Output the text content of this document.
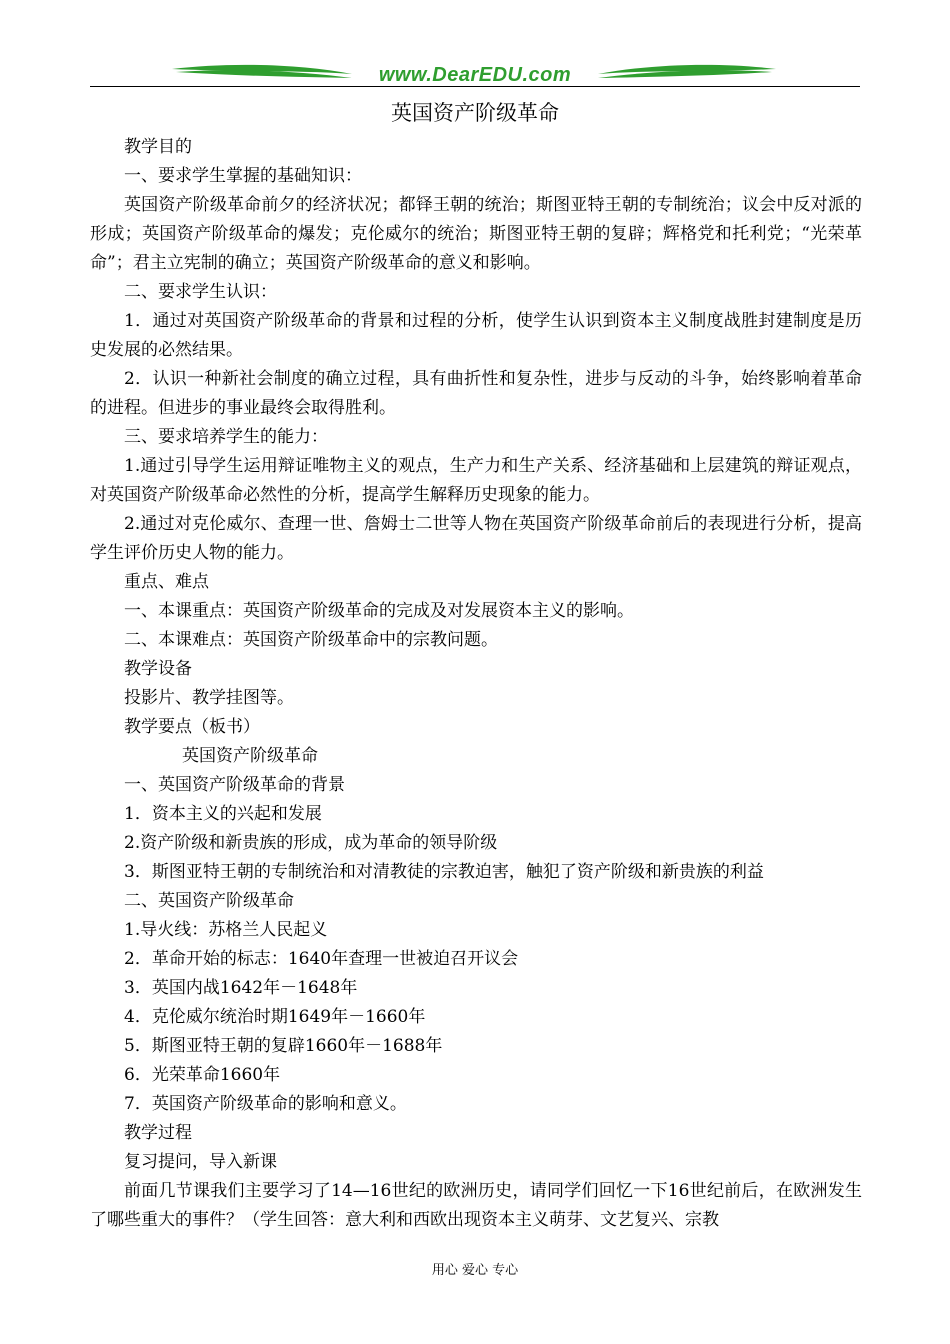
www.DearEDU.com
英国资产阶级革命

教学目的

一、要求学生掌握的基础知识：

英国资产阶级革命前夕的经济状况；都铎王朝的统治；斯图亚特王朝的专制统治；议会中反对派的形成；英国资产阶级革命的爆发；克伦威尔的统治；斯图亚特王朝的复辟；辉格党和托利党；“光荣革命”；君主立宪制的确立；英国资产阶级革命的意义和影响。

二、要求学生认识：

1．通过对英国资产阶级革命的背景和过程的分析，使学生认识到资本主义制度战胜封建制度是历史发展的必然结果。

2．认识一种新社会制度的确立过程，具有曲折性和复杂性，进步与反动的斗争，始终影响着革命的进程。但进步的事业最终会取得胜利。

三、要求培养学生的能力：

1.通过引导学生运用辩证唯物主义的观点，生产力和生产关系、经济基础和上层建筑的辩证观点，对英国资产阶级革命必然性的分析，提高学生解释历史现象的能力。

2.通过对克伦威尔、查理一世、詹姆士二世等人物在英国资产阶级革命前后的表现进行分析，提高学生评价历史人物的能力。

重点、难点

一、本课重点：英国资产阶级革命的完成及对发展资本主义的影响。

二、本课难点：英国资产阶级革命中的宗教问题。

教学设备

投影片、教学挂图等。

教学要点（板书）

英国资产阶级革命

一、英国资产阶级革命的背景

1．资本主义的兴起和发展

2.资产阶级和新贵族的形成，成为革命的领导阶级

3．斯图亚特王朝的专制统治和对清教徒的宗教迫害，触犯了资产阶级和新贵族的利益

二、英国资产阶级革命

1.导火线：苏格兰人民起义

2．革命开始的标志：1640年查理一世被迫召开议会

3．英国内战1642年－1648年

4．克伦威尔统治时期1649年－1660年

5．斯图亚特王朝的复辟1660年－1688年

6．光荣革命1660年

7．英国资产阶级革命的影响和意义。

教学过程

复习提问，导入新课

前面几节课我们主要学习了14—16世纪的欧洲历史，请同学们回忆一下16世纪前后，在欧洲发生了哪些重大的事件？（学生回答：意大利和西欧出现资本主义萌芽、文艺复兴、宗教

用心 爱心 专心
